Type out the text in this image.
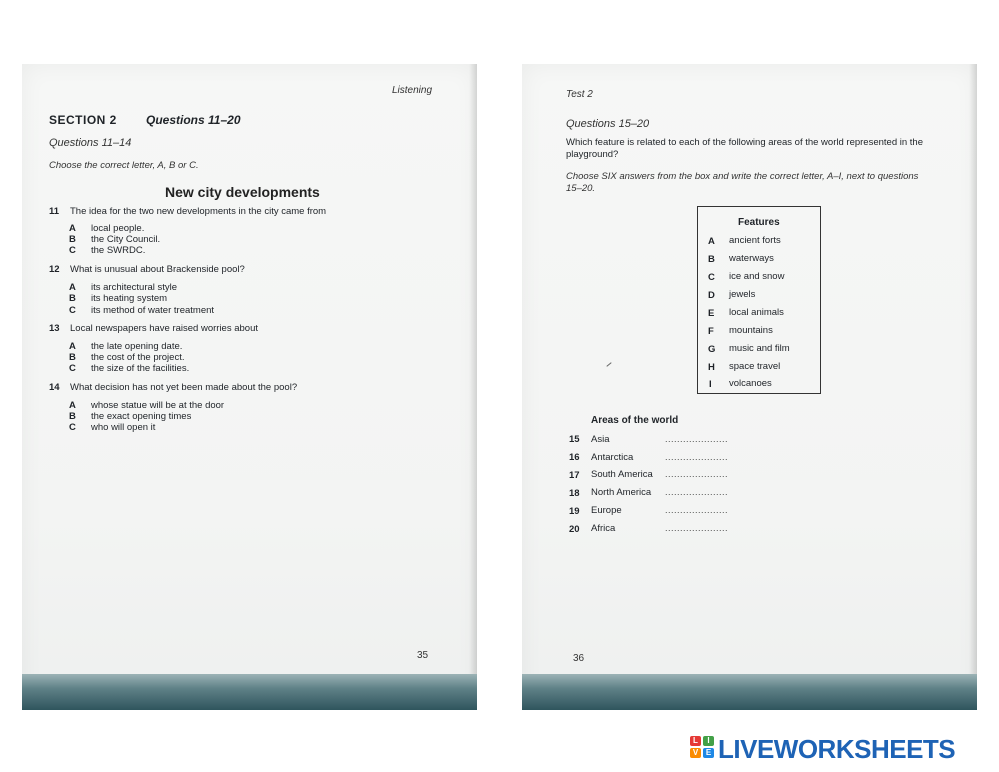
Listening
SECTION 2 Questions 11–20
Questions 11–14
Choose the correct letter, A, B or C.
New city developments
11 The idea for the two new developments in the city came from
A local people.
B the City Council.
C the SWRDC.
12 What is unusual about Brackenside pool?
A its architectural style
B its heating system
C its method of water treatment
13 Local newspapers have raised worries about
A the late opening date.
B the cost of the project.
C the size of the facilities.
14 What decision has not yet been made about the pool?
A whose statue will be at the door
B the exact opening times
C who will open it
35
Test 2
Questions 15–20
Which feature is related to each of the following areas of the world represented in the
playground?
Choose SIX answers from the box and write the correct letter, A–I, next to questions
15–20.
Features
A ancient forts
B waterways
C ice and snow
D jewels
E local animals
F mountains
G music and film
H space travel
I volcanoes
Areas of the world
15 Asia	.....................
16 Antarctica	.....................
17 South America .....................
18 North America .....................
19 Europe	.....................
20 Africa	.....................
36
L	I
V E LIVEWORKSHEETS
